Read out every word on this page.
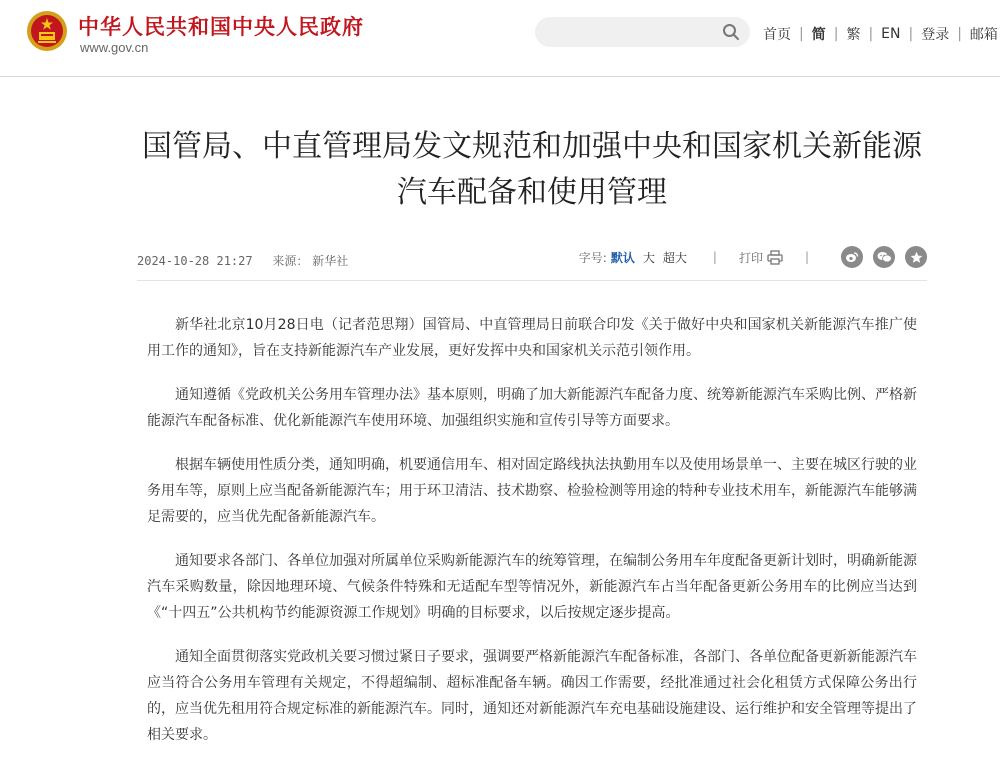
中华人民共和国中央人民政府
www.gov.cn
首页 | 简 | 繁 | EN | 登录 | 邮箱
国管局、中直管理局发文规范和加强中央和国家机关新能源汽车配备和使用管理
2024-10-28 21:27 来源： 新华社	字号: 默认 大 超大 | 打印	|

新华社北京10月28日电（记者范思翔）国管局、中直管理局日前联合印发《关于做好中央和国家机关新能源汽车推广使用工作的通知》，旨在支持新能源汽车产业发展，更好发挥中央和国家机关示范引领作用。

通知遵循《党政机关公务用车管理办法》基本原则，明确了加大新能源汽车配备力度、统筹新能源汽车采购比例、严格新能源汽车配备标准、优化新能源汽车使用环境、加强组织实施和宣传引导等方面要求。

根据车辆使用性质分类，通知明确，机要通信用车、相对固定路线执法执勤用车以及使用场景单一、主要在城区行驶的业务用车等，原则上应当配备新能源汽车；用于环卫清洁、技术勘察、检验检测等用途的特种专业技术用车，新能源汽车能够满足需要的，应当优先配备新能源汽车。

通知要求各部门、各单位加强对所属单位采购新能源汽车的统筹管理，在编制公务用车年度配备更新计划时，明确新能源汽车采购数量，除因地理环境、气候条件特殊和无适配车型等情况外，新能源汽车占当年配备更新公务用车的比例应当达到《“十四五”公共机构节约能源资源工作规划》明确的目标要求，以后按规定逐步提高。

通知全面贯彻落实党政机关要习惯过紧日子要求，强调要严格新能源汽车配备标准，各部门、各单位配备更新新能源汽车应当符合公务用车管理有关规定，不得超编制、超标准配备车辆。确因工作需要，经批准通过社会化租赁方式保障公务出行的，应当优先租用符合规定标准的新能源汽车。同时，通知还对新能源汽车充电基础设施建设、运行维护和安全管理等提出了相关要求。
